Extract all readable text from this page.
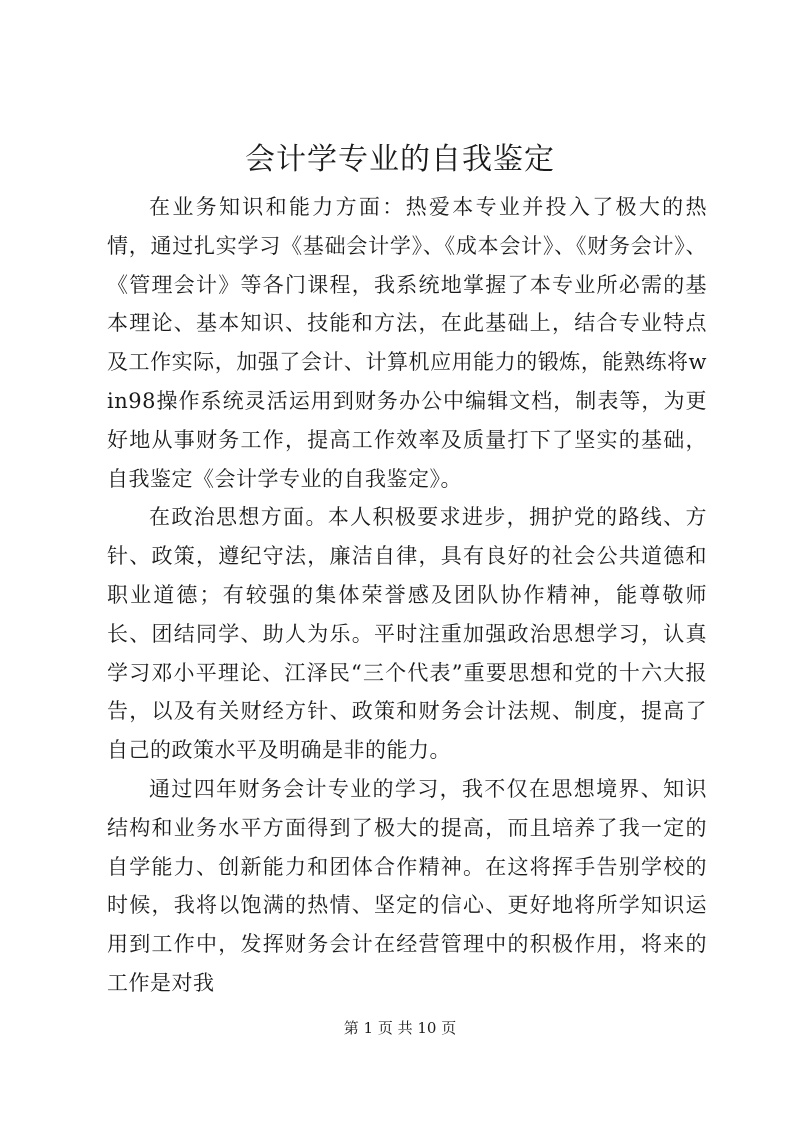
会计学专业的自我鉴定

在业务知识和能力方面：热爱本专业并投入了极大的热情，通过扎实学习《基础会计学》、《成本会计》、《财务会计》、《管理会计》等各门课程，我系统地掌握了本专业所必需的基本理论、基本知识、技能和方法，在此基础上，结合专业特点及工作实际，加强了会计、计算机应用能力的锻炼，能熟练将win98操作系统灵活运用到财务办公中编辑文档，制表等，为更好地从事财务工作，提高工作效率及质量打下了坚实的基础，自我鉴定《会计学专业的自我鉴定》。

在政治思想方面。本人积极要求进步，拥护党的路线、方针、政策，遵纪守法，廉洁自律，具有良好的社会公共道德和职业道德；有较强的集体荣誉感及团队协作精神，能尊敬师长、团结同学、助人为乐。平时注重加强政治思想学习，认真学习邓小平理论、江泽民“三个代表”重要思想和党的十六大报告，以及有关财经方针、政策和财务会计法规、制度，提高了自己的政策水平及明确是非的能力。

通过四年财务会计专业的学习，我不仅在思想境界、知识结构和业务水平方面得到了极大的提高，而且培养了我一定的自学能力、创新能力和团体合作精神。在这将挥手告别学校的时候，我将以饱满的热情、坚定的信心、更好地将所学知识运用到工作中，发挥财务会计在经营管理中的积极作用，将来的工作是对我

第 1 页 共 10 页
